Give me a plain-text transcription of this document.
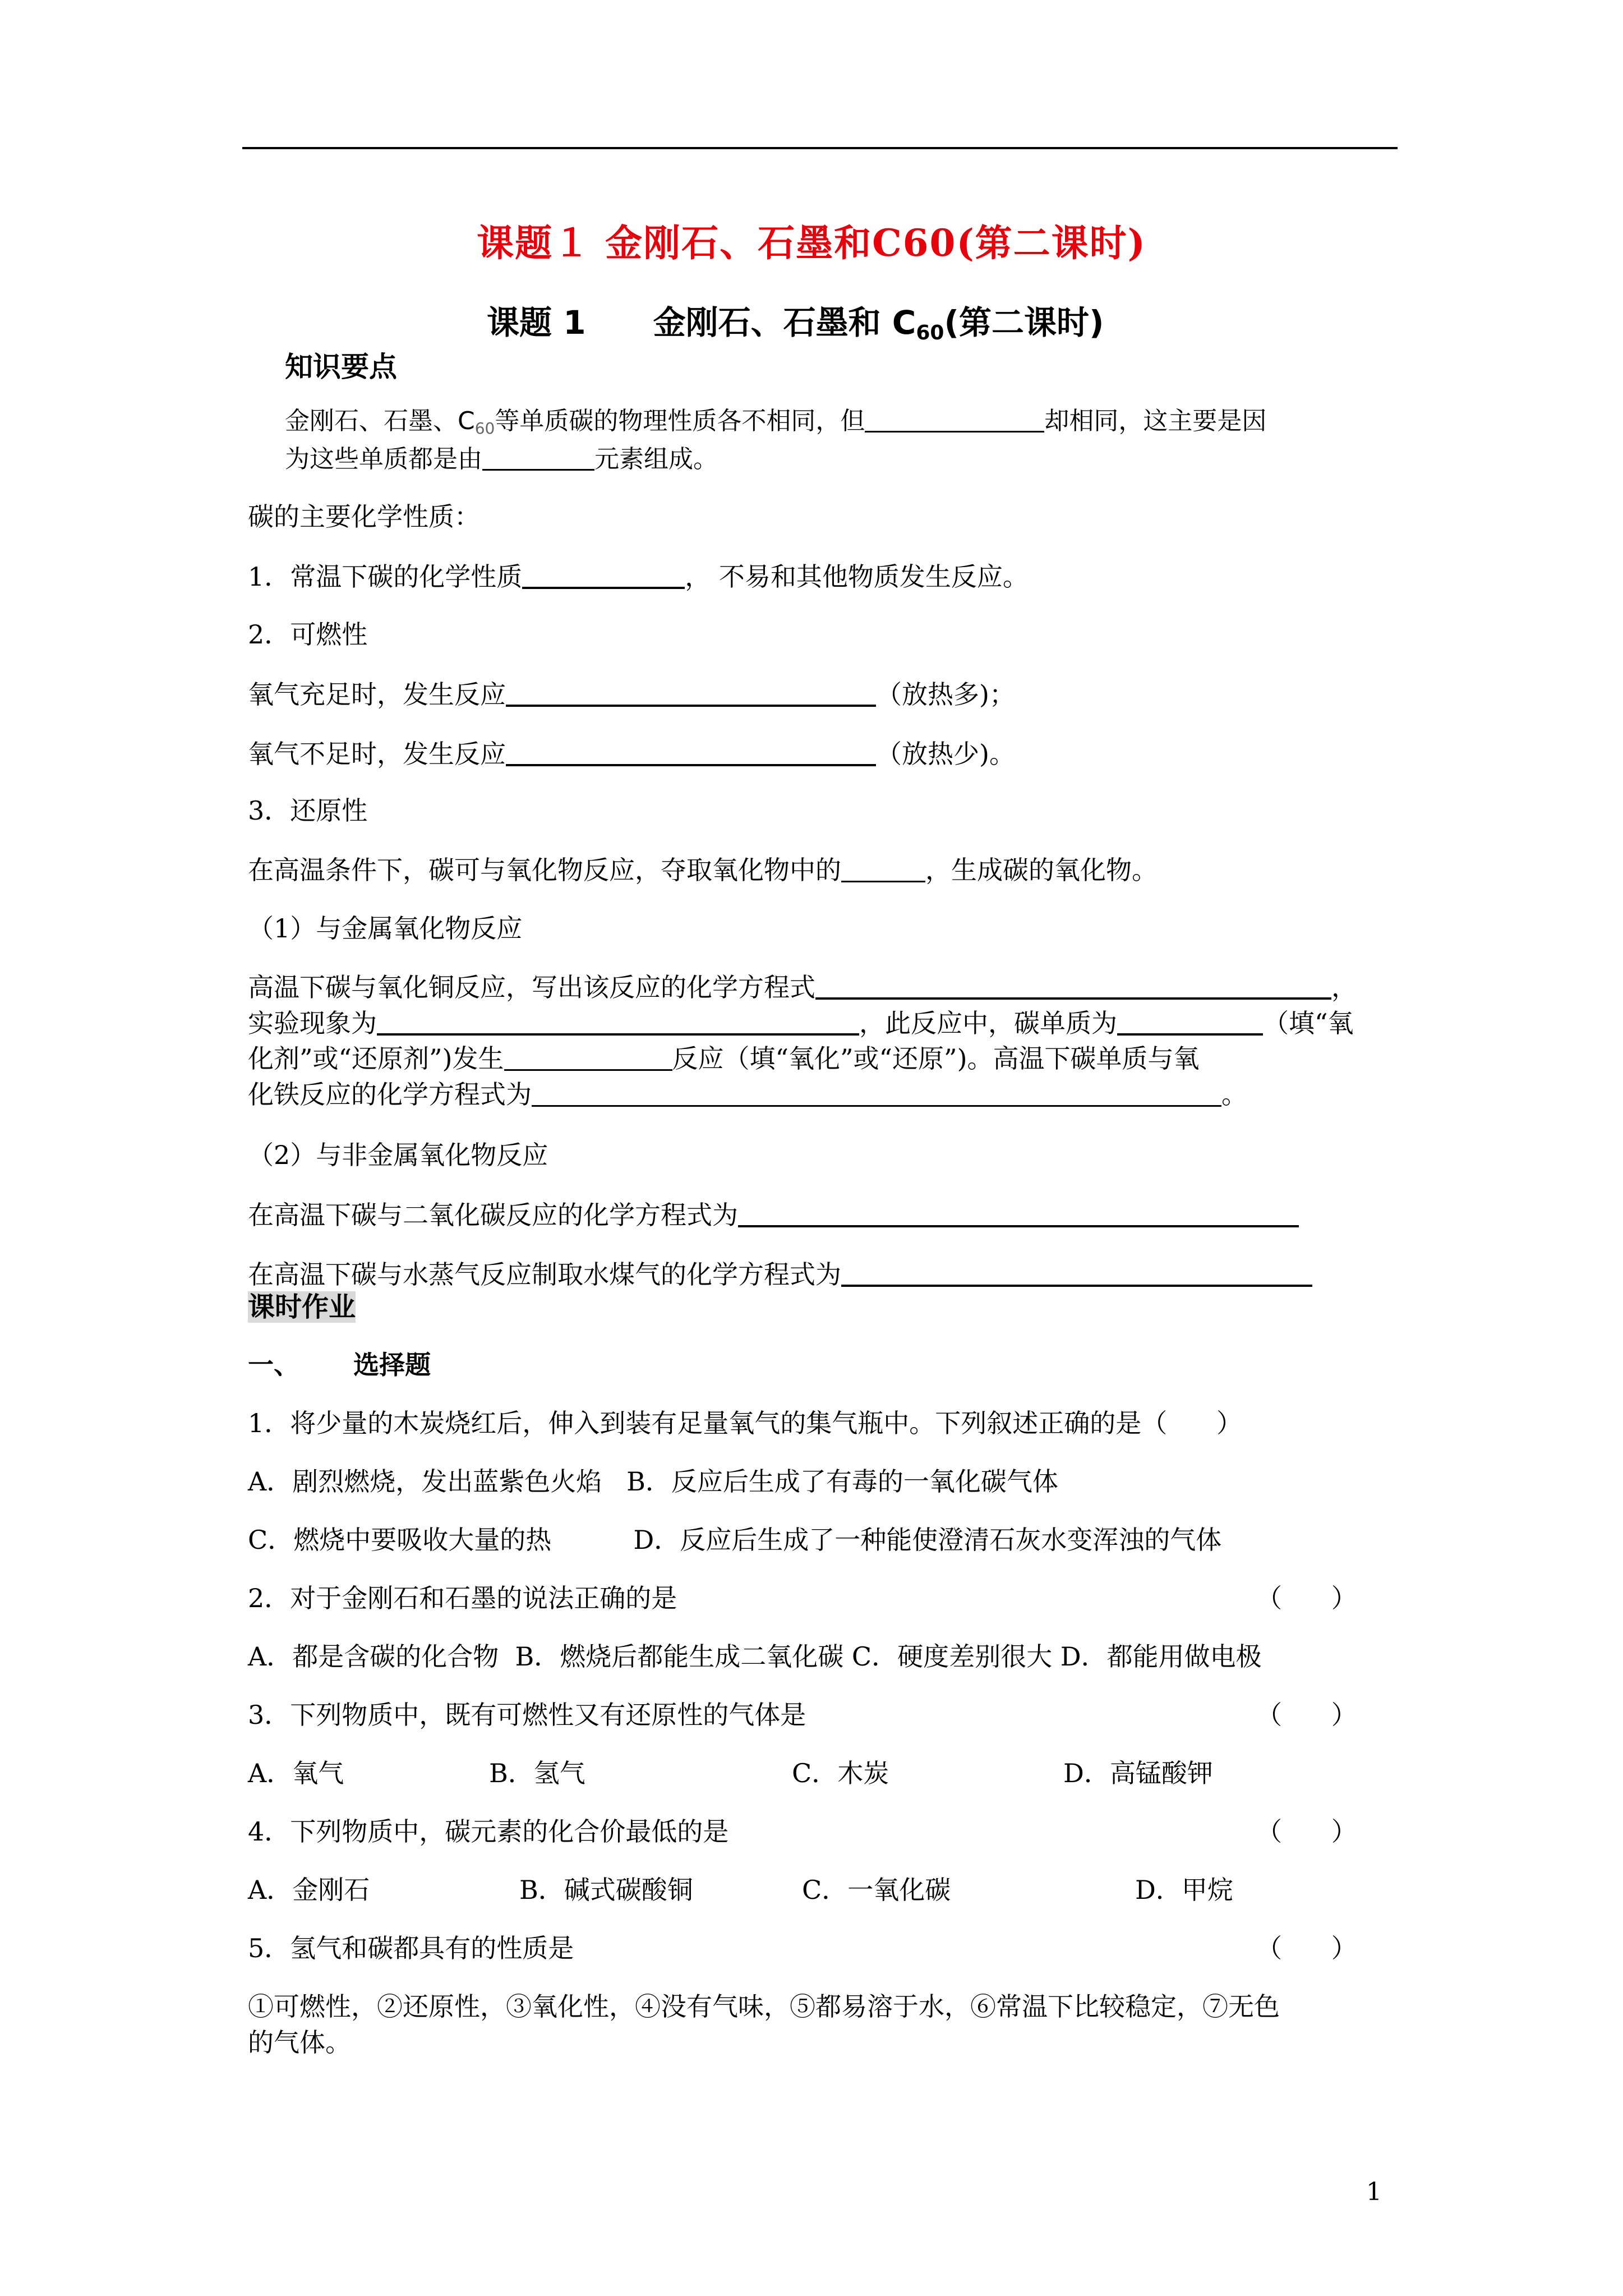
课题１ 金刚石、石墨和C60(第二课时)
课题 1 金刚石、石墨和 $C_{60}$(第二课时)
知识要点
金刚石、石墨、C60等单质碳的物理性质各不相同，但	却相同，这主要是因
为这些单质都是由	元素组成。
碳的主要化学性质：
1．常温下碳的化学性质	， 不易和其他物质发生反应。
2．可燃性
氧气充足时，发生反应	（放热多)；
氧气不足时，发生反应	（放热少)。
3．还原性
在高温条件下，碳可与氧化物反应，夺取氧化物中的	，生成碳的氧化物。
（1）与金属氧化物反应
高温下碳与氧化铜反应，写出该反应的化学方程式	，
实验现象为	，此反应中，碳单质为	（填“氧
化剂”或“还原剂”)发生	反应（填“氧化”或“还原”)。高温下碳单质与氧
化铁反应的化学方程式为	。
（2）与非金属氧化物反应
在高温下碳与二氧化碳反应的化学方程式为
在高温下碳与水蒸气反应制取水煤气的化学方程式为
课时作业
一、      选择题
1．将少量的木炭烧红后，伸入到装有足量氧气的集气瓶中。下列叙述正确的是（      ）
A．剧烈燃烧，发出蓝紫色火焰   B．反应后生成了有毒的一氧化碳气体
C．燃烧中要吸收大量的热          D．反应后生成了一种能使澄清石灰水变浑浊的气体
2．对于金刚石和石墨的说法正确的是	（      ）
A．都是含碳的化合物  B．燃烧后都能生成二氧化碳 C．硬度差别很大 D．都能用做电极
3．下列物质中，既有可燃性又有还原性的气体是	（      ）
A．氧气	B．氢气	C．木炭	D．高锰酸钾
4．下列物质中，碳元素的化合价最低的是	（      ）
A．金刚石	B．碱式碳酸铜	C．一氧化碳	D．甲烷
5．氢气和碳都具有的性质是	（      ）
①可燃性，②还原性，③氧化性，④没有气味，⑤都易溶于水，⑥常温下比较稳定，⑦无色
的气体。
1
